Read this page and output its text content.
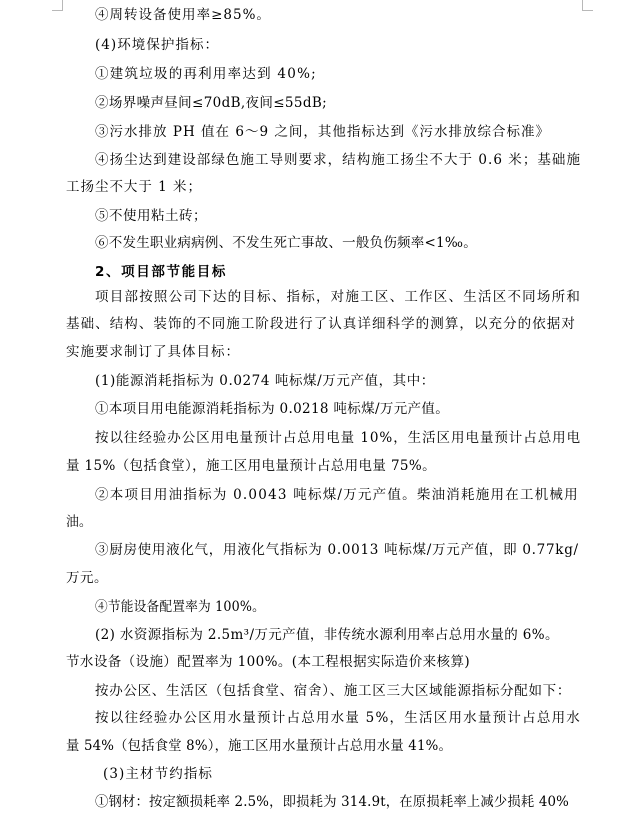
④周转设备使用率≥85%。
(4)环境保护指标：
①建筑垃圾的再利用率达到 40%;
②场界噪声昼间≤70dB,夜间≤55dB;
③污水排放 PH 值在 6～9 之间，其他指标达到《污水排放综合标准》
④扬尘达到建设部绿色施工导则要求，结构施工扬尘不大于 0.6 米；基础施
工扬尘不大于 1 米；
⑤不使用粘土砖；
⑥不发生职业病病例、不发生死亡事故、一般负伤频率<1‰。
2、项目部节能目标
项目部按照公司下达的目标、指标，对施工区、工作区、生活区不同场所和
基础、结构、装饰的不同施工阶段进行了认真详细科学的测算，以充分的依据对
实施要求制订了具体目标：
(1)能源消耗指标为 0.0274 吨标煤/万元产值，其中：
①本项目用电能源消耗指标为 0.0218 吨标煤/万元产值。
按以往经验办公区用电量预计占总用电量 10%，生活区用电量预计占总用电
量 15%（包括食堂），施工区用电量预计占总用电量 75%。
②本项目用油指标为 0.0043 吨标煤/万元产值。柴油消耗施用在工机械用
油。
③厨房使用液化气，用液化气指标为 0.0013 吨标煤/万元产值，即 0.77kg/
万元。
④节能设备配置率为 100%。
(2) 水资源指标为 2.5m³/万元产值，非传统水源利用率占总用水量的 6%。
节水设备（设施）配置率为 100%。(本工程根据实际造价来核算)
按办公区、生活区（包括食堂、宿舍）、施工区三大区域能源指标分配如下：
按以往经验办公区用水量预计占总用水量 5%，生活区用水量预计占总用水
量 54%（包括食堂 8%），施工区用水量预计占总用水量 41%。
(3)主材节约指标
①钢材：按定额损耗率 2.5%，即损耗为 314.9t，在原损耗率上减少损耗 40%
